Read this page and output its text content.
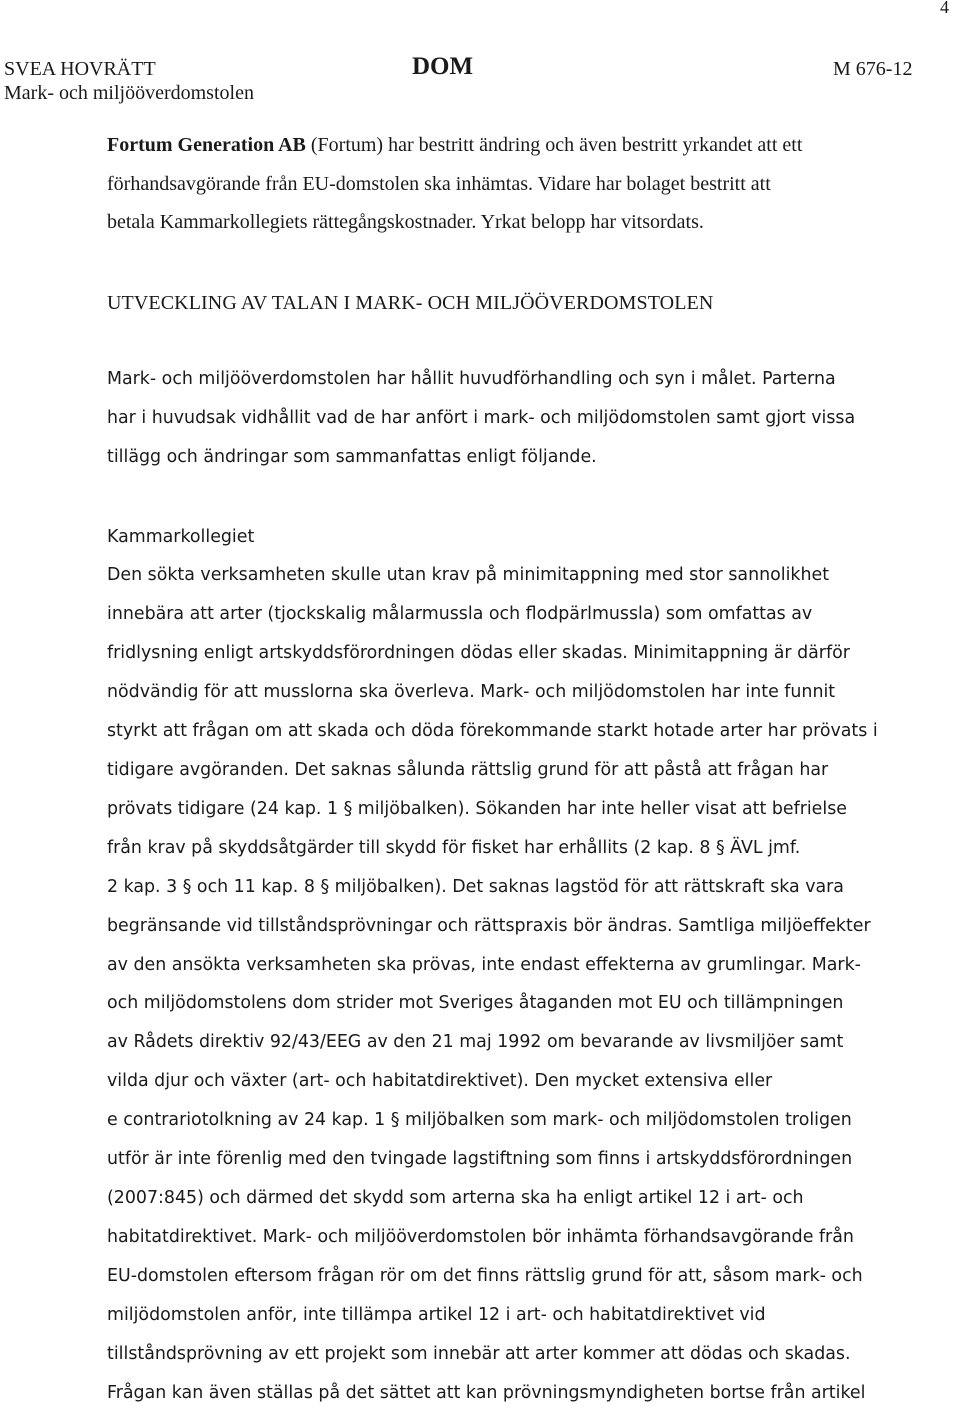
4
SVEA HOVRÄTT
Mark- och miljööverdomstolen
DOM	M 676-12

Fortum Generation AB (Fortum) har bestritt ändring och även bestritt yrkandet att ett
förhandsavgörande från EU-domstolen ska inhämtas. Vidare har bolaget bestritt att
betala Kammarkollegiets rättegångskostnader. Yrkat belopp har vitsordats.

UTVECKLING AV TALAN I MARK- OCH MILJÖÖVERDOMSTOLEN

Mark- och miljööverdomstolen har hållit huvudförhandling och syn i målet. Parterna
har i huvudsak vidhållit vad de har anfört i mark- och miljödomstolen samt gjort vissa
tillägg och ändringar som sammanfattas enligt följande.

Kammarkollegiet

Den sökta verksamheten skulle utan krav på minimitappning med stor sannolikhet
innebära att arter (tjockskalig målarmussla och flodpärlmussla) som omfattas av
fridlysning enligt artskyddsförordningen dödas eller skadas. Minimitappning är därför
nödvändig för att musslorna ska överleva. Mark- och miljödomstolen har inte funnit
styrkt att frågan om att skada och döda förekommande starkt hotade arter har prövats i
tidigare avgöranden. Det saknas sålunda rättslig grund för att påstå att frågan har
prövats tidigare (24 kap. 1 § miljöbalken). Sökanden har inte heller visat att befrielse
från krav på skyddsåtgärder till skydd för fisket har erhållits (2 kap. 8 § ÄVL jmf.
2 kap. 3 § och 11 kap. 8 § miljöbalken). Det saknas lagstöd för att rättskraft ska vara
begränsande vid tillståndsprövningar och rättspraxis bör ändras. Samtliga miljöeffekter
av den ansökta verksamheten ska prövas, inte endast effekterna av grumlingar. Mark-
och miljödomstolens dom strider mot Sveriges åtaganden mot EU och tillämpningen
av Rådets direktiv 92/43/EEG av den 21 maj 1992 om bevarande av livsmiljöer samt
vilda djur och växter (art- och habitatdirektivet). Den mycket extensiva eller
e contrariotolkning av 24 kap. 1 § miljöbalken som mark- och miljödomstolen troligen
utför är inte förenlig med den tvingade lagstiftning som finns i artskyddsförordningen
(2007:845) och därmed det skydd som arterna ska ha enligt artikel 12 i art- och
habitatdirektivet. Mark- och miljööverdomstolen bör inhämta förhandsavgörande från
EU-domstolen eftersom frågan rör om det finns rättslig grund för att, såsom mark- och
miljödomstolen anför, inte tillämpa artikel 12 i art- och habitatdirektivet vid
tillståndsprövning av ett projekt som innebär att arter kommer att dödas och skadas.
Frågan kan även ställas på det sättet att kan prövningsmyndigheten bortse från artikel
